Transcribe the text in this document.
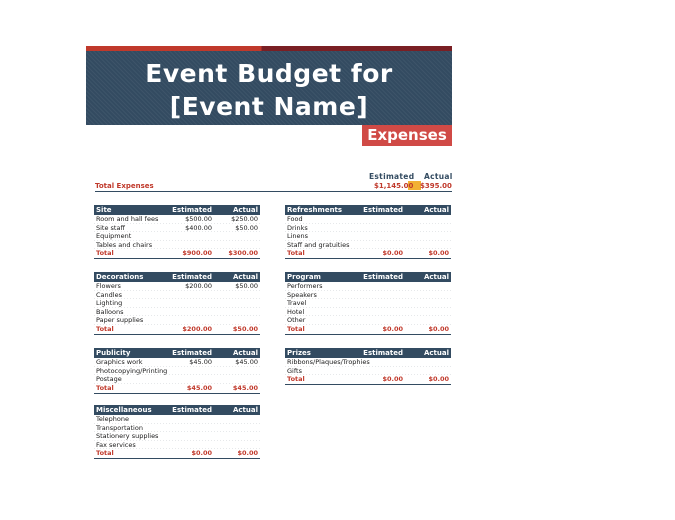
Event Budget for
[Event Name]
Expenses
Estimated Actual
Total Expenses	$1,145.00 $395.00
Site	Estimated	Actual
Room and hall fees	$500.00	$250.00
Site staff	$400.00	$50.00
Equipment
Tables and chairs
Total	$900.00	$300.00
Refreshments	Estimated	Actual
Food
Drinks
Linens
Staff and gratuities
Total	$0.00	$0.00
Decorations	Estimated	Actual
Flowers	$200.00	$50.00
Candles
Lighting
Balloons
Paper supplies
Total	$200.00	$50.00
Program	Estimated	Actual
Performers
Speakers
Travel
Hotel
Other
Total	$0.00	$0.00
Publicity	Estimated	Actual
Graphics work	$45.00	$45.00
Photocopying/Printing
Postage
Total	$45.00	$45.00
Prizes	Estimated	Actual
Ribbons/Plaques/Trophies
Gifts
Total	$0.00	$0.00
Miscellaneous	Estimated	Actual
Telephone
Transportation
Stationery supplies
Fax services
Total	$0.00	$0.00
